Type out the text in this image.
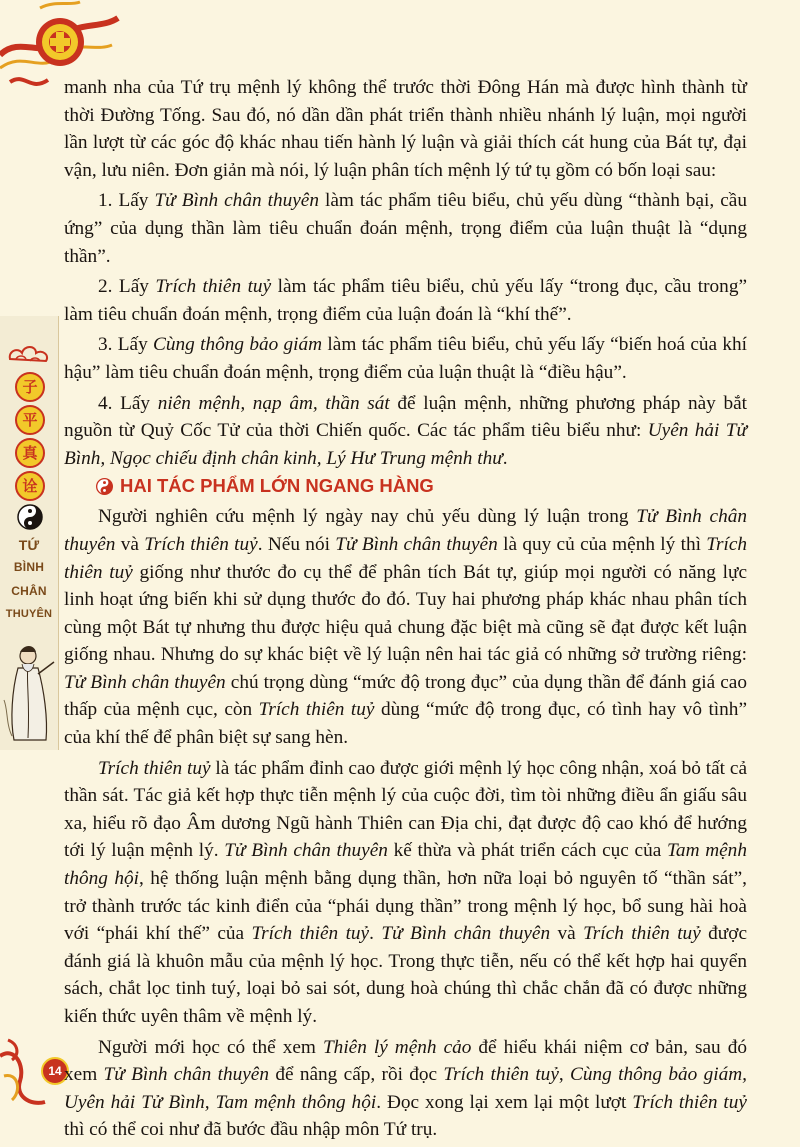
子
平
真
诠
TỨ
BÌNH
CHÂN
THUYÊN
14

manh nha của Tứ trụ mệnh lý không thể trước thời Đông Hán mà được hình thành từ thời Đường Tống. Sau đó, nó dần dần phát triển thành nhiều nhánh lý luận, mọi người lần lượt từ các góc độ khác nhau tiến hành lý luận và giải thích cát hung của Bát tự, đại vận, lưu niên. Đơn giản mà nói, lý luận phân tích mệnh lý tứ tụ gồm có bốn loại sau:

1. Lấy Tử Bình chân thuyên làm tác phẩm tiêu biểu, chủ yếu dùng “thành bại, cầu ứng” của dụng thần làm tiêu chuẩn đoán mệnh, trọng điểm của luận thuật là “dụng thần”.

2. Lấy Trích thiên tuỷ làm tác phẩm tiêu biểu, chủ yếu lấy “trong đục, cầu trong” làm tiêu chuẩn đoán mệnh, trọng điểm của luận đoán là “khí thế”.

3. Lấy Cùng thông bảo giám làm tác phẩm tiêu biểu, chủ yếu lấy “biến hoá của khí hậu” làm tiêu chuẩn đoán mệnh, trọng điểm của luận thuật là “điều hậu”.

4. Lấy niên mệnh, nạp âm, thần sát để luận mệnh, những phương pháp này bắt nguồn từ Quỷ Cốc Tử của thời Chiến quốc. Các tác phẩm tiêu biểu như: Uyên hải Tử Bình, Ngọc chiếu định chân kinh, Lý Hư Trung mệnh thư.

HAI TÁC PHẨM LỚN NGANG HÀNG

Người nghiên cứu mệnh lý ngày nay chủ yếu dùng lý luận trong Tử Bình chân thuyên và Trích thiên tuỷ. Nếu nói Tử Bình chân thuyên là quy củ của mệnh lý thì Trích thiên tuỷ giống như thước đo cụ thể để phân tích Bát tự, giúp mọi người có năng lực linh hoạt ứng biến khi sử dụng thước đo đó. Tuy hai phương pháp khác nhau phân tích cùng một Bát tự nhưng thu được hiệu quả chung đặc biệt mà cũng sẽ đạt được kết luận giống nhau. Nhưng do sự khác biệt về lý luận nên hai tác giả có những sở trường riêng: Tử Bình chân thuyên chú trọng dùng “mức độ trong đục” của dụng thần để đánh giá cao thấp của mệnh cục, còn Trích thiên tuỷ dùng “mức độ trong đục, có tình hay vô tình” của khí thế để phân biệt sự sang hèn.

Trích thiên tuỷ là tác phẩm đỉnh cao được giới mệnh lý học công nhận, xoá bỏ tất cả thần sát. Tác giả kết hợp thực tiễn mệnh lý của cuộc đời, tìm tòi những điều ẩn giấu sâu xa, hiểu rõ đạo Âm dương Ngũ hành Thiên can Địa chi, đạt được độ cao khó để hướng tới lý luận mệnh lý. Tử Bình chân thuyên kế thừa và phát triển cách cục của Tam mệnh thông hội, hệ thống luận mệnh bằng dụng thần, hơn nữa loại bỏ nguyên tố “thần sát”, trở thành trước tác kinh điển của “phái dụng thần” trong mệnh lý học, bổ sung hài hoà với “phái khí thế” của Trích thiên tuỷ. Tử Bình chân thuyên và Trích thiên tuỷ được đánh giá là khuôn mẫu của mệnh lý học. Trong thực tiễn, nếu có thể kết hợp hai quyển sách, chắt lọc tinh tuý, loại bỏ sai sót, dung hoà chúng thì chắc chắn đã có được những kiến thức uyên thâm về mệnh lý.

Người mới học có thể xem Thiên lý mệnh cảo để hiểu khái niệm cơ bản, sau đó xem Tử Bình chân thuyên để nâng cấp, rồi đọc Trích thiên tuỷ, Cùng thông bảo giám, Uyên hải Tử Bình, Tam mệnh thông hội. Đọc xong lại xem lại một lượt Trích thiên tuỷ thì có thể coi như đã bước đầu nhập môn Tứ trụ.
